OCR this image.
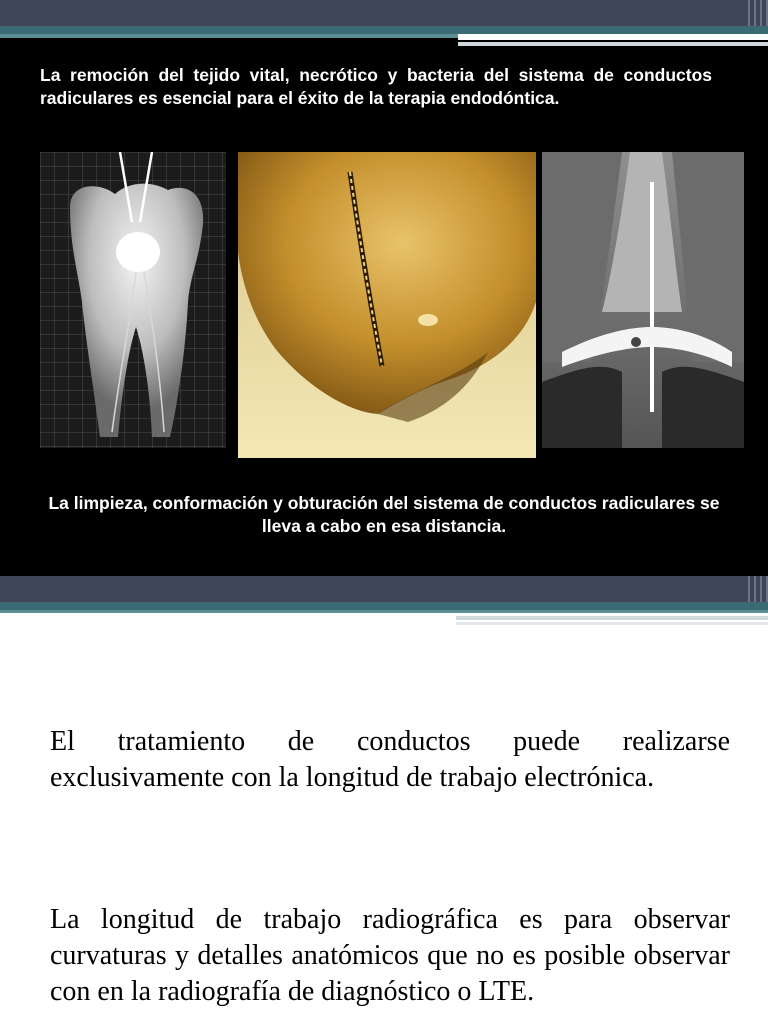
La remoción del tejido vital, necrótico y bacteria del sistema de conductos radiculares es esencial para el éxito de la terapia endodóntica.

La limpieza, conformación y obturación del sistema de conductos radiculares se lleva a cabo en esa distancia.

El tratamiento de conductos puede realizarse exclusivamente con la longitud de trabajo electrónica.

La longitud de trabajo radiográfica es para observar curvaturas y detalles anatómicos que no es posible observar con en la radiografía de diagnóstico o LTE.
